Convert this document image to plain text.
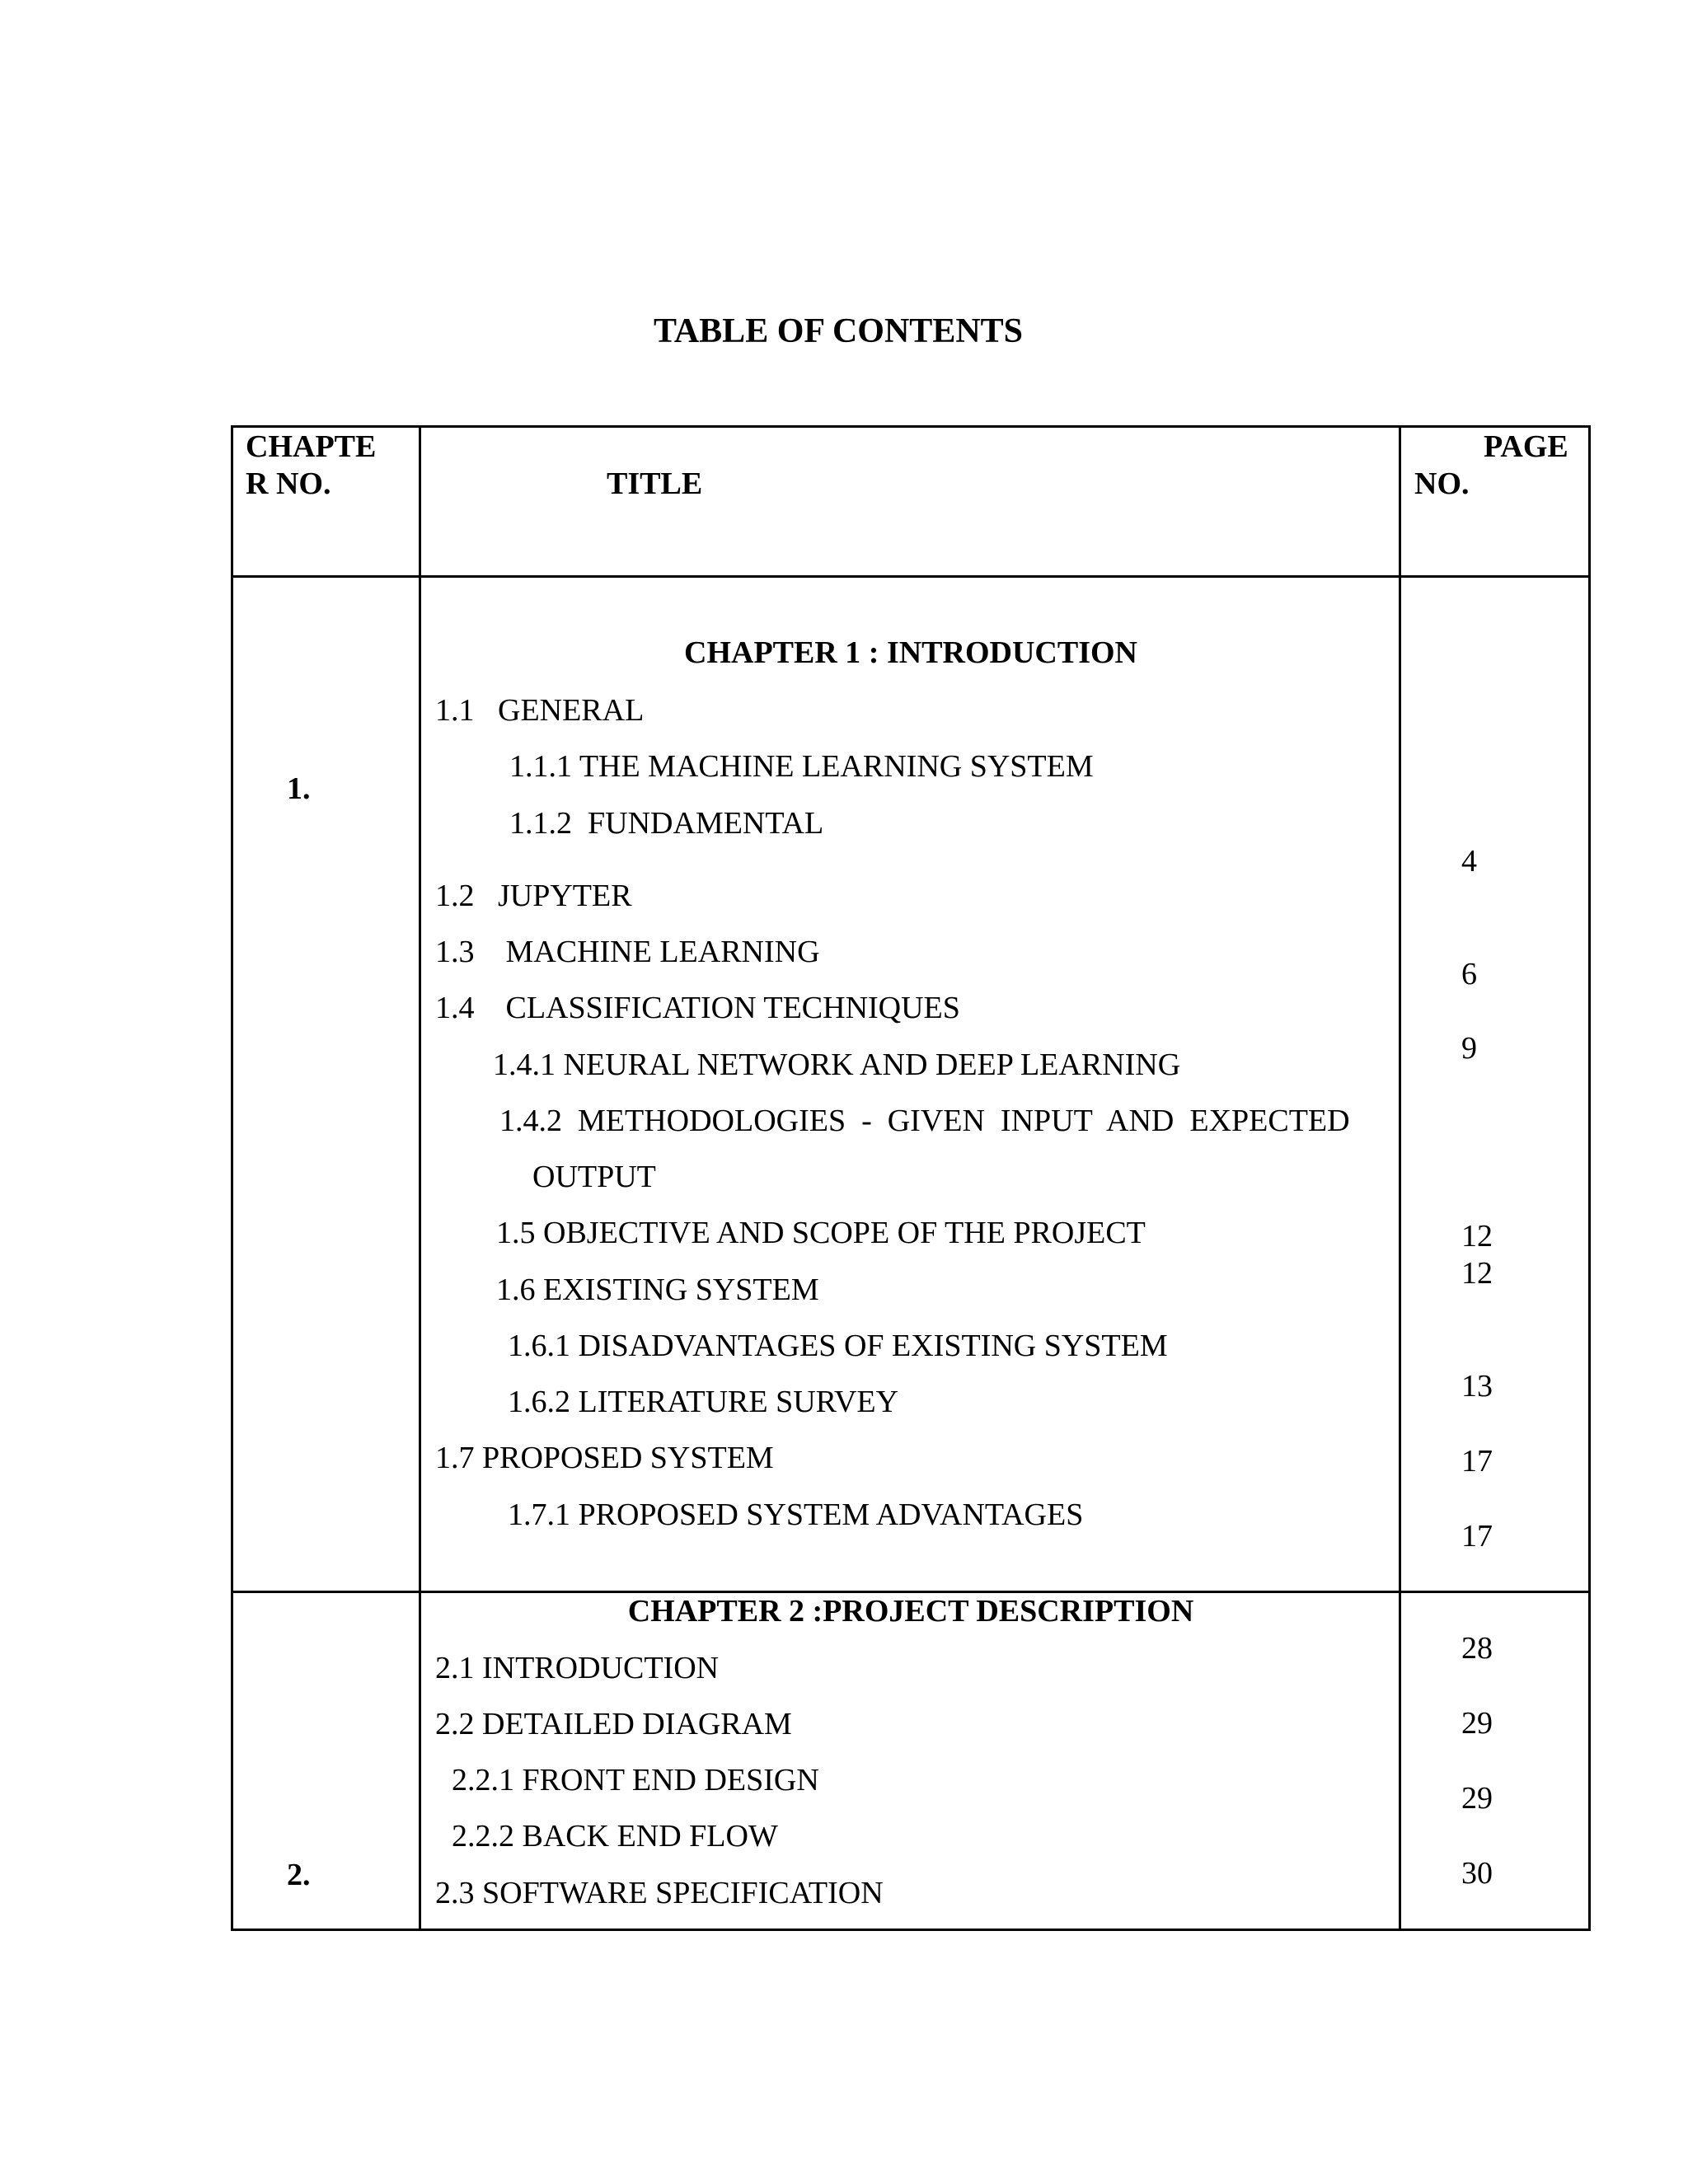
TABLE OF CONTENTS
CHAPTE
R NO.	TITLE
PAGE
NO.
1.
CHAPTER 1 : INTRODUCTION
1.1   GENERAL
1.1.1 THE MACHINE LEARNING SYSTEM
1.1.2  FUNDAMENTAL
1.2   JUPYTER
1.3    MACHINE LEARNING
1.4    CLASSIFICATION TECHNIQUES
1.4.1 NEURAL NETWORK AND DEEP LEARNING
1.4.2  METHODOLOGIES  -  GIVEN  INPUT  AND  EXPECTED
OUTPUT
1.5 OBJECTIVE AND SCOPE OF THE PROJECT
1.6 EXISTING SYSTEM
1.6.1 DISADVANTAGES OF EXISTING SYSTEM
1.6.2 LITERATURE SURVEY
1.7 PROPOSED SYSTEM
1.7.1 PROPOSED SYSTEM ADVANTAGES
4
6
9
12
12
13
17
17
CHAPTER 2 :PROJECT DESCRIPTION
2.
2.1 INTRODUCTION
2.2 DETAILED DIAGRAM
2.2.1 FRONT END DESIGN
2.2.2 BACK END FLOW
2.3 SOFTWARE SPECIFICATION
28
29
29
30
